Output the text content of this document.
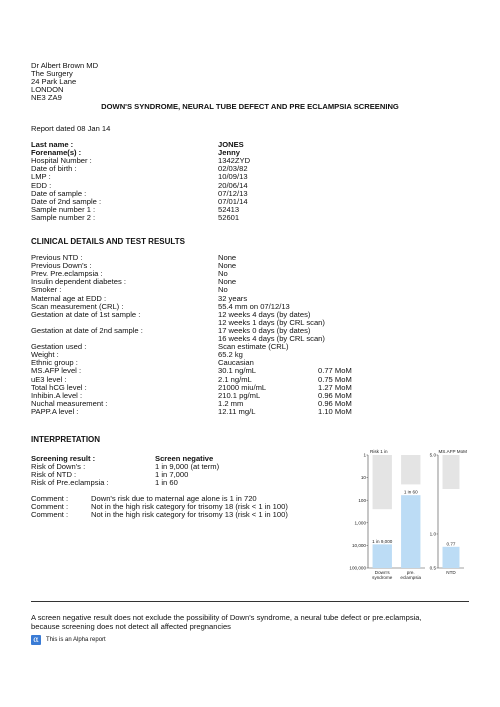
Dr Albert Brown MD
The Surgery
24 Park Lane
LONDON
NE3 ZA9
DOWN'S SYNDROME, NEURAL TUBE DEFECT AND PRE ECLAMPSIA SCREENING
Report dated 08 Jan 14
Last name :	JONES
Forename(s) :	Jenny
Hospital Number :	1342ZYD
Date of birth :	02/03/82
LMP :	10/09/13
EDD :	20/06/14
Date of sample :	07/12/13
Date of 2nd sample :	07/01/14
Sample number 1 :	52413
Sample number 2 :	52601
CLINICAL DETAILS AND TEST RESULTS
Previous NTD :	None
Previous Down's :	None
Prev. Pre.eclampsia :	No
Insulin dependent diabetes :	None
Smoker :	No
Maternal age at EDD :	32 years
Scan measurement (CRL) :	55.4 mm on 07/12/13
Gestation at date of 1st sample :	12 weeks 4 days (by dates)
12 weeks 1 days (by CRL scan)
Gestation at date of 2nd sample :	17 weeks 0 days (by dates)
16 weeks 4 days (by CRL scan)
Gestation used :	Scan estimate (CRL)
Weight :	65.2 kg
Ethnic group :	Caucasian
MS.AFP level :	30.1 ng/mL	0.77 MoM
uE3 level :	2.1 ng/mL	0.75 MoM
Total hCG level :	21000 miu/mL	1.27 MoM
Inhibin.A level :	210.1 pg/mL	0.96 MoM
Nuchal measurement :	1.2 mm	0.96 MoM
PAPP.A level :	12.11 mg/L	1.10 MoM
INTERPRETATION
Screening result :	Screen negative
Risk of Down's :	1 in 9,000 (at term)
Risk of NTD :	1 in 7,000
Risk of Pre.eclampsia :	1 in 60
Comment :	Down's risk due to maternal age alone is 1 in 720
Comment :	Not in the high risk category for trisomy 18 (risk < 1 in 100)
Comment :	Not in the high risk category for trisomy 13 (risk < 1 in 100)
Risk 1 in
1
10
100
1,000
10,000
100,000
1 in 9,000
Down's
syndrome
1 in 60
pre.
eclampsia
MS.AFP MoM
5.0
1.0
0.5
0.77
NTD
A screen negative result does not exclude the possibility of Down's syndrome, a neural tube defect or pre.eclampsia,
because screening does not detect all affected pregnancies
α	This is an Alpha report
